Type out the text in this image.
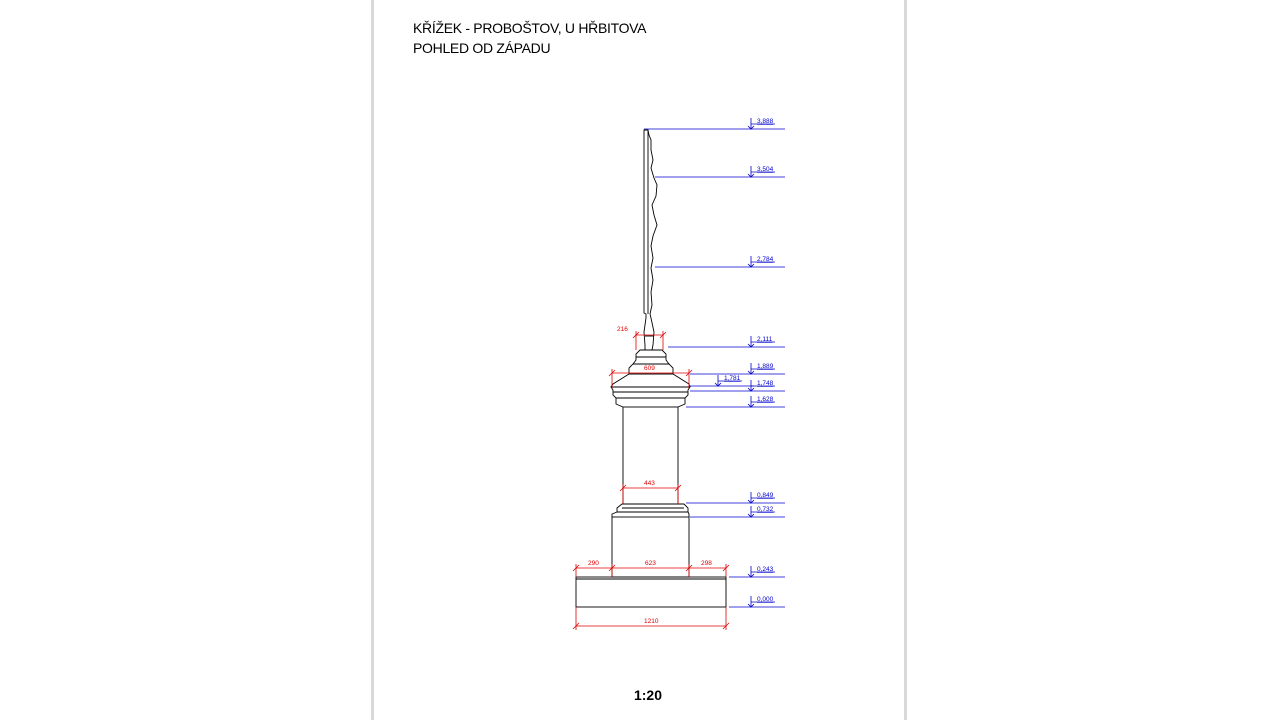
KŘÍŽEK - PROBOŠTOV, U HŘBITOVA
POHLED OD ZÁPADU
216
609
443
290	623	298
1210
3,888
3,504
2,784
2,111
1,889
1,781
1,748
1,628
0,849
0,732
0,243
0,000
1:20
